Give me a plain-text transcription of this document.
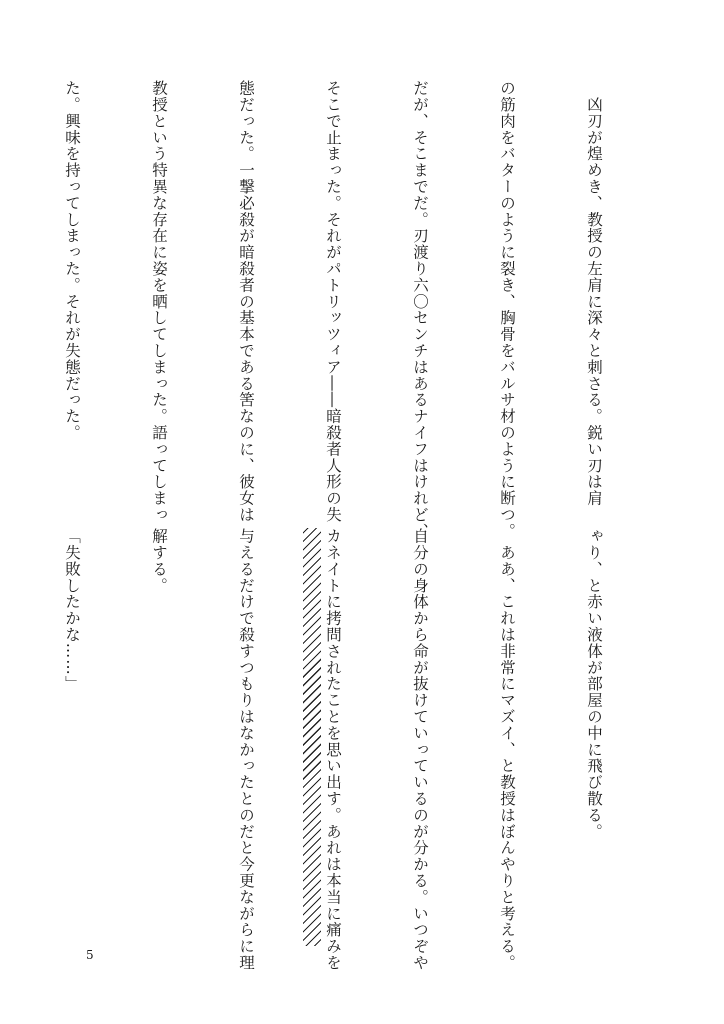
　凶刃が煌めき、教授の左肩に深々と刺さる。鋭い刃は肩

の筋肉をバターのように裂き、胸骨をバルサ材のように断つ。

だが、そこまでだ。刃渡り六〇センチはあるナイフはけれど、

そこで止まった。それがパトリッツィア――暗殺者人形の失

態だった。一撃必殺が暗殺者の基本である筈なのに、彼女は

教授という特異な存在に姿を晒してしまった。語ってしまっ

た。興味を持ってしまった。それが失態だった。

ゃり、と赤い液体が部屋の中に飛び散る。

　ああ、これは非常にマズイ、と教授はぼんやりと考える。

自分の身体から命が抜けていっているのが分かる。いつぞや

カネイトに拷問されたことを思い出す。あれは本当に痛みを

与えるだけで殺すつもりはなかったとのだと今更ながらに理

解する。

「失敗したかな……」

5
